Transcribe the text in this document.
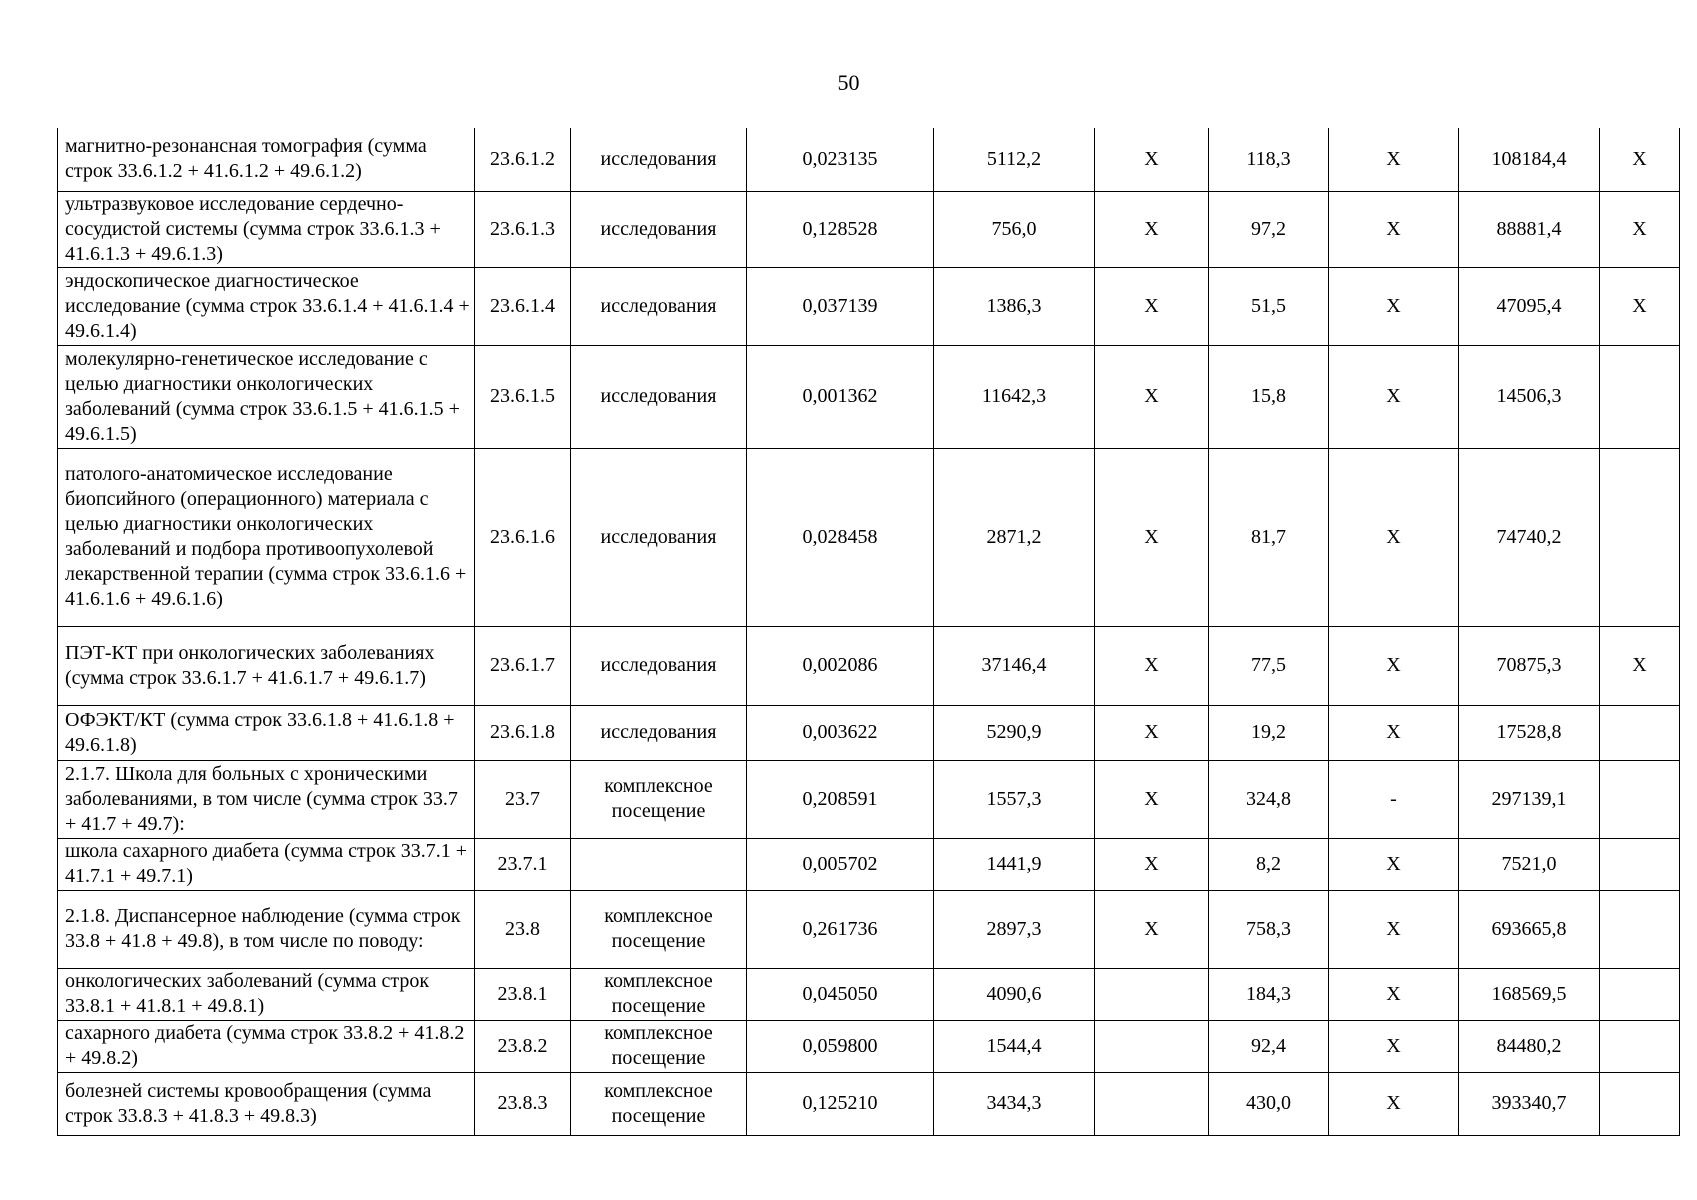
50
магнитно-резонансная томография (сумма строк 33.6.1.2 + 41.6.1.2 + 49.6.1.2)	23.6.1.2	исследования	0,023135	5112,2	X	118,3	X	108184,4	X
ультразвуковое исследование сердечно-сосудистой системы (сумма строк 33.6.1.3 + 41.6.1.3 + 49.6.1.3)	23.6.1.3	исследования	0,128528	756,0	X	97,2	X	88881,4	X
эндоскопическое диагностическое исследование (сумма строк 33.6.1.4 + 41.6.1.4 + 49.6.1.4)	23.6.1.4	исследования	0,037139	1386,3	X	51,5	X	47095,4	X
молекулярно-генетическое исследование с целью диагностики онкологических заболеваний (сумма строк 33.6.1.5 + 41.6.1.5 + 49.6.1.5)	23.6.1.5	исследования	0,001362	11642,3	X	15,8	X	14506,3	
патолого-анатомическое исследование биопсийного (операционного) материала с целью диагностики онкологических заболеваний и подбора противоопухолевой лекарственной терапии (сумма строк 33.6.1.6 + 41.6.1.6 + 49.6.1.6)	23.6.1.6	исследования	0,028458	2871,2	X	81,7	X	74740,2	
ПЭТ-КТ при онкологических заболеваниях (сумма строк 33.6.1.7 + 41.6.1.7 + 49.6.1.7)	23.6.1.7	исследования	0,002086	37146,4	X	77,5	X	70875,3	X
ОФЭКТ/КТ (сумма строк 33.6.1.8 + 41.6.1.8 + 49.6.1.8)	23.6.1.8	исследования	0,003622	5290,9	X	19,2	X	17528,8	
2.1.7. Школа для больных с хроническими заболеваниями, в том числе (сумма строк 33.7 + 41.7 + 49.7):	23.7	комплексное посещение	0,208591	1557,3	X	324,8	-	297139,1	
школа сахарного диабета (сумма строк 33.7.1 + 41.7.1 + 49.7.1)	23.7.1		0,005702	1441,9	X	8,2	X	7521,0	
2.1.8. Диспансерное наблюдение (сумма строк 33.8 + 41.8 + 49.8), в том числе по поводу:	23.8	комплексное посещение	0,261736	2897,3	X	758,3	X	693665,8	
онкологических заболеваний (сумма строк 33.8.1 + 41.8.1 + 49.8.1)	23.8.1	комплексное посещение	0,045050	4090,6		184,3	X	168569,5	
сахарного диабета (сумма строк 33.8.2 + 41.8.2 + 49.8.2)	23.8.2	комплексное посещение	0,059800	1544,4		92,4	X	84480,2	
болезней системы кровообращения (сумма строк 33.8.3 + 41.8.3 + 49.8.3)	23.8.3	комплексное посещение	0,125210	3434,3		430,0	X	393340,7	
